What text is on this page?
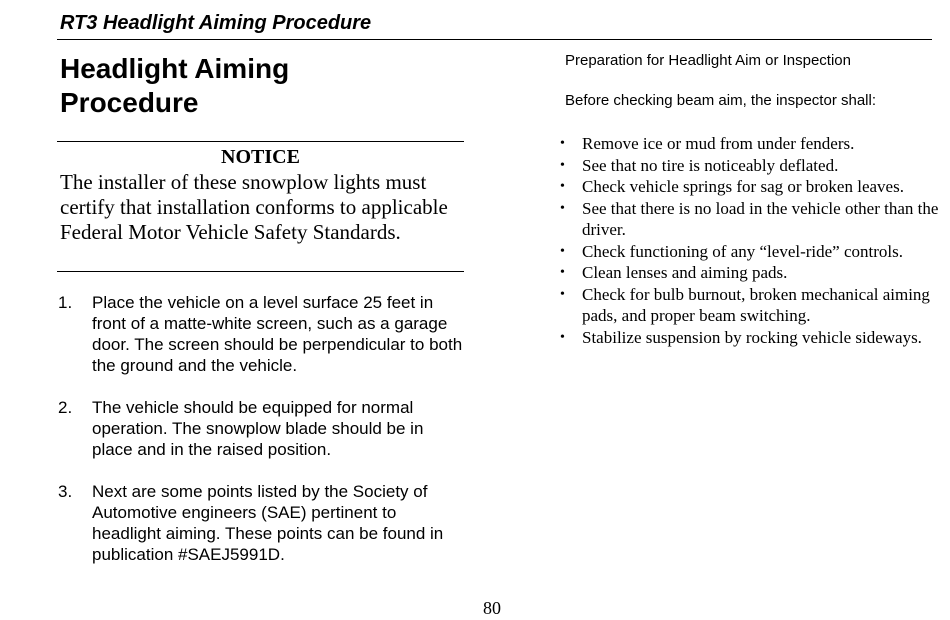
RT3 Headlight Aiming Procedure
Headlight Aiming Procedure

NOTICE

The installer of these snowplow lights must certify that installation conforms to applicable Federal Motor Vehicle Safety Standards.

1.	Place the vehicle on a level surface 25 feet in front of a matte-white screen, such as a garage door. The screen should be perpendicular to both the ground and the vehicle.
2.	The vehicle should be equipped for normal operation. The snowplow blade should be in place and in the raised position.
3.	Next are some points listed by the Society of Automotive engineers (SAE) pertinent to headlight aiming. These points can be found in publication #SAEJ5991D.

Preparation for Headlight Aim or Inspection

Before checking beam aim, the inspector shall:

•	Remove ice or mud from under fenders.
•	See that no tire is noticeably deflated.
•	Check vehicle springs for sag or broken leaves.
•	See that there is no load in the vehicle other than the driver.
•	Check functioning of any “level-ride” controls.
•	Clean lenses and aiming pads.
•	Check for bulb burnout, broken mechanical aiming pads, and proper beam switching.
•	Stabilize suspension by rocking vehicle sideways.

80
